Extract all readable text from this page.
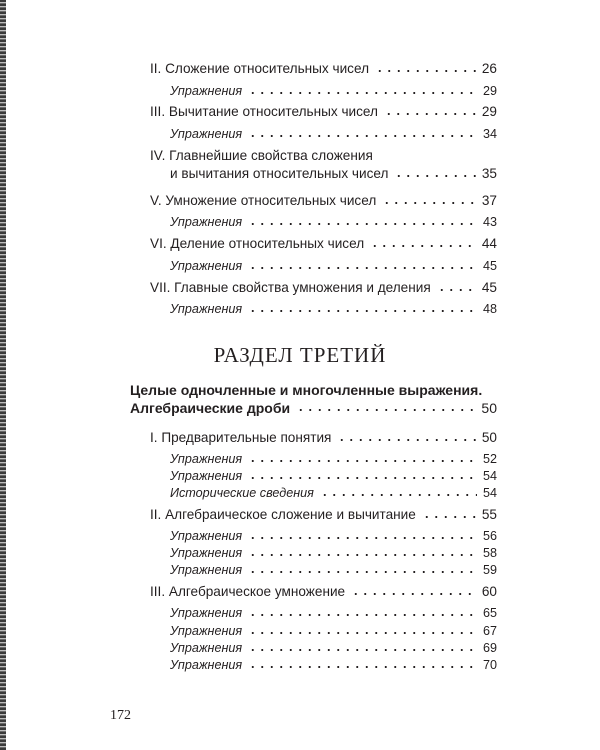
II. Сложение относительных чисел	26
Упражнения	29
III. Вычитание относительных чисел	29
Упражнения	34
IV. Главнейшие свойства сложения
и вычитания относительных чисел	35
V. Умножение относительных чисел	37
Упражнения	43
VI. Деление относительных чисел	44
Упражнения	45
VII. Главные свойства умножения и деления	45
Упражнения	48
РАЗДЕЛ ТРЕТИЙ
Целые одночленные и многочленные выражения.
Алгебраические дроби	50
I. Предварительные понятия	50
Упражнения	52
Упражнения	54
Исторические сведения	54
II. Алгебраическое сложение и вычитание	55
Упражнения	56
Упражнения	58
Упражнения	59
III. Алгебраическое умножение	60
Упражнения	65
Упражнения	67
Упражнения	69
Упражнения	70
172
